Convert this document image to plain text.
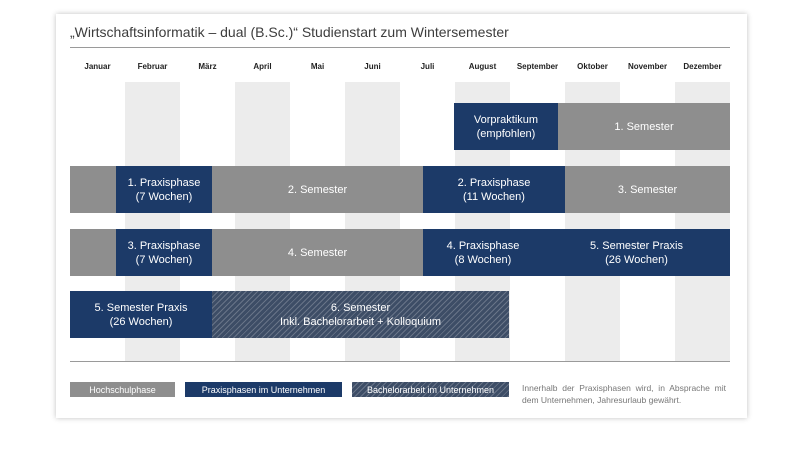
„Wirtschaftsinformatik – dual (B.Sc.)“ Studienstart zum Wintersemester
Januar	Februar	März	April	Mai	Juni	Juli	August	September	Oktober	November	Dezember
Vorpraktikum
(empfohlen)
1. Semester
1. Praxisphase
(7 Wochen)
2. Semester
2. Praxisphase
(11 Wochen)
3. Semester
3. Praxisphase
(7 Wochen)
4. Semester
4. Praxisphase
(8 Wochen)
5. Semester Praxis
(26 Wochen)
5. Semester Praxis
(26 Wochen)
6. Semester
Inkl. Bachelorarbeit + Kolloquium
Hochschulphase	Praxisphasen im Unternehmen	Bachelorarbeit im Unternehmen	Innerhalb der Praxisphasen wird, in Absprache mit dem Unternehmen, Jahresurlaub gewährt.
